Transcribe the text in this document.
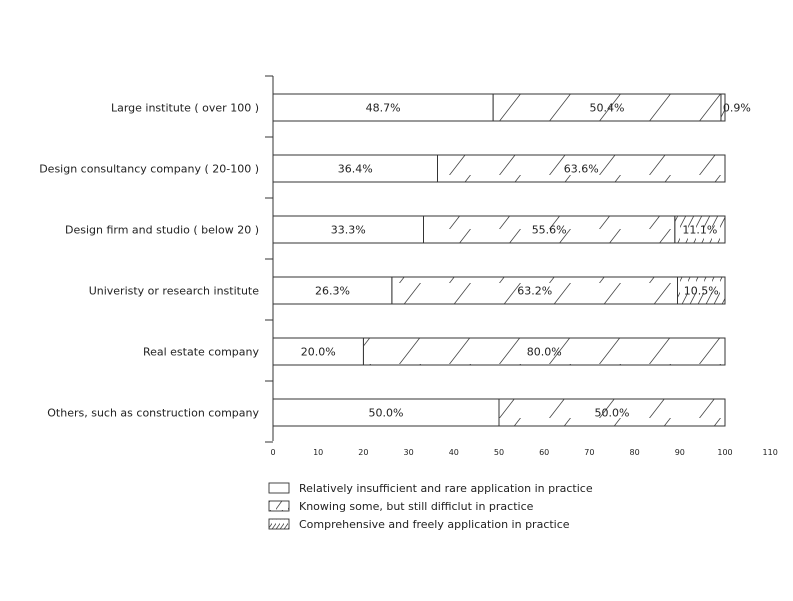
0	10	20	30	40	50	60	70	80	90	100	110
Large institute ( over 100 )	48.7%	50.4%	0.9%
Design consultancy company ( 20-100 )	36.4%	63.6%
Design firm and studio ( below 20 )	33.3%	55.6%	11.1%
Univeristy or research institute	26.3%	63.2%	10.5%
Real estate company	20.0%	80.0%
Others, such as construction company	50.0%	50.0%
Relatively insufficient and rare application in practice
Knowing some, but still difficlut in practice
Comprehensive and freely application in practice
